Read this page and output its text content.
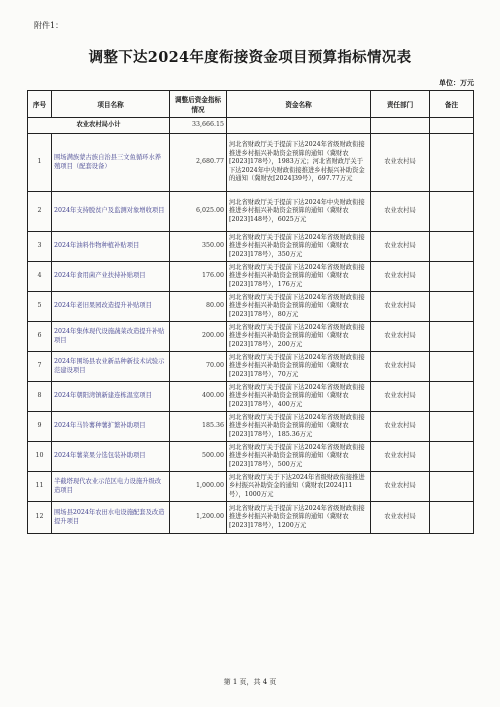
附件1：
调整下达2024年度衔接资金项目预算指标情况表
单位：万元
序号	项目名称	调整后资金指标情况	资金名称	责任部门	备注
农业农村局小计		33,666.15			
1	围场满族蒙古族自治县三文鱼循环水养殖项目（配套设备）	2,680.77	河北省财政厅关于提前下达2024年省级财政衔接推进乡村振兴补助资金预算的通知（冀财农[2023]178号），1983万元；河北省财政厅关于下达2024年中央财政衔接推进乡村振兴补助资金的通知（冀财农[2024]39号），697.77万元	农业农村局	
2	2024年支持脱贫户及监测对象增收项目	6,025.00	河北省财政厅关于提前下达2024年中央财政衔接推进乡村振兴补助资金预算的通知（冀财农[2023]148号），6025万元	农业农村局	
3	2024年油料作物种植补贴项目	350.00	河北省财政厅关于提前下达2024年省级财政衔接推进乡村振兴补助资金预算的通知（冀财农[2023]178号），350万元	农业农村局	
4	2024年食用菌产业扶持补贴项目	176.00	河北省财政厅关于提前下达2024年省级财政衔接推进乡村振兴补助资金预算的通知（冀财农[2023]178号），176万元	农业农村局	
5	2024年老旧果园改造提升补贴项目	80.00	河北省财政厅关于提前下达2024年省级财政衔接推进乡村振兴补助资金预算的通知（冀财农[2023]178号），80万元	农业农村局	
6	2024年集体现代设施蔬菜改造提升补贴项目	200.00	河北省财政厅关于提前下达2024年省级财政衔接推进乡村振兴补助资金预算的通知（冀财农[2023]178号），200万元	农业农村局	
7	2024年围场县农业新品种新技术试验示范建设项目	70.00	河北省财政厅关于提前下达2024年省级财政衔接推进乡村振兴补助资金预算的通知（冀财农[2023]178号），70万元	农业农村局	
8	2024年朝阳湾镇新建连栋温室项目	400.00	河北省财政厅关于提前下达2024年省级财政衔接推进乡村振兴补助资金预算的通知（冀财农[2023]178号），400万元	农业农村局	
9	2024年马铃薯种薯扩繁补助项目	185.36	河北省财政厅关于提前下达2024年省级财政衔接推进乡村振兴补助资金预算的通知（冀财农[2023]178号），185.36万元	农业农村局	
10	2024年薯菜果分选包装补助项目	500.00	河北省财政厅关于提前下达2024年省级财政衔接推进乡村振兴补助资金预算的通知（冀财农[2023]178号），500万元	农业农村局	
11	半截塔现代农业示范区电力设施升级改造项目	1,000.00	河北省财政厅关于下达2024年省级财政衔接推进乡村振兴补助资金的通知（冀财农[2024]11号），1000万元	农业农村局	
12	围场县2024年农田水电设施配套及改造提升项目	1,200.00	河北省财政厅关于提前下达2024年省级财政衔接推进乡村振兴补助资金预算的通知（冀财农[2023]178号），1200万元	农业农村局	
第 1 页，共 4 页
